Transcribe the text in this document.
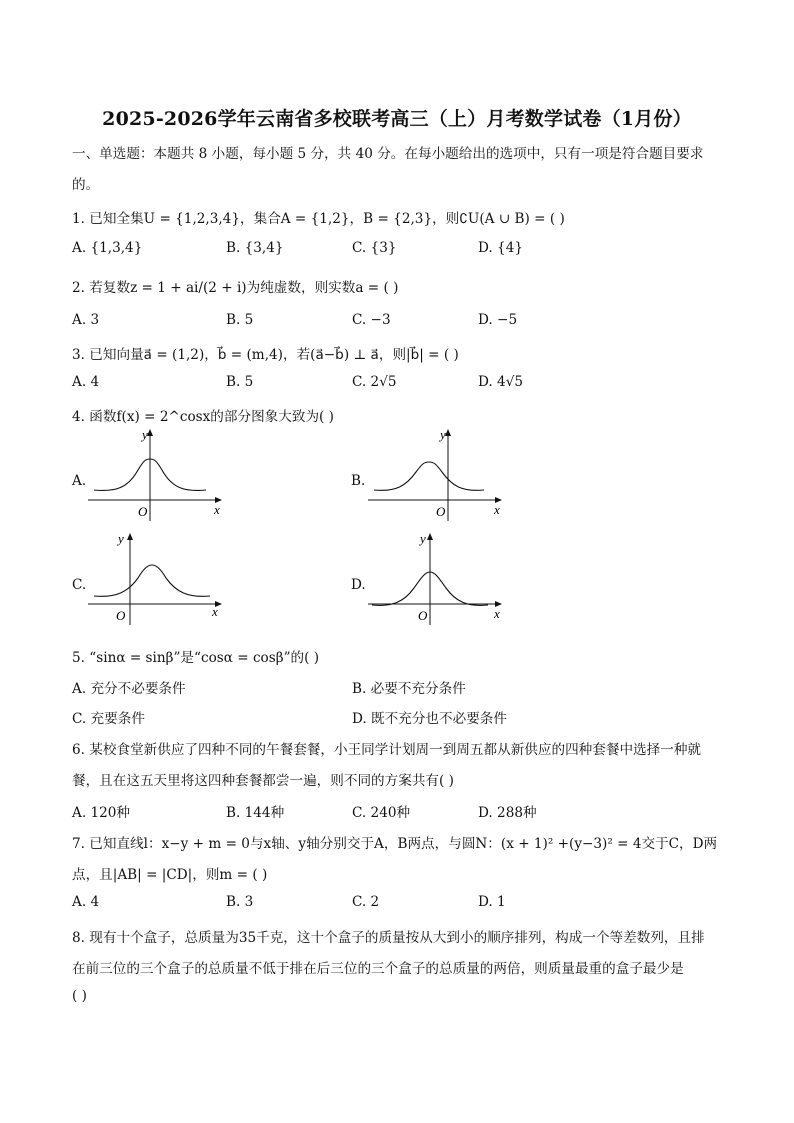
2025-2026学年云南省多校联考高三（上）月考数学试卷（1月份）
一、单选题：本题共 8 小题，每小题 5 分，共 40 分。在每小题给出的选项中，只有一项是符合题目要求的。
1. 已知全集U = {1,2,3,4}，集合A = {1,2}，B = {2,3}，则∁U(A ∪ B) = ( )
A. {1,3,4}	B. {3,4}	C. {3}	D. {4}
2. 若复数z = 1 + ai/(2 + i)为纯虚数，则实数a = ( )
A. 3	B. 5	C. −3	D. −5
3. 已知向量a⃗ = (1,2)，b⃗ = (m,4)，若(a⃗−b⃗) ⊥ a⃗，则|b⃗| = ( )
A. 4	B. 5	C. 2√5	D. 4√5
4. 函数f(x) = 2^cosx的部分图象大致为( )
A.
y
x
O
B.
y
x
O
C.
y
x
O
D.
y
x
O
5. “sinα = sinβ”是“cosα = cosβ”的( )
A. 充分不必要条件	B. 必要不充分条件
C. 充要条件	D. 既不充分也不必要条件
6. 某校食堂新供应了四种不同的午餐套餐，小王同学计划周一到周五都从新供应的四种套餐中选择一种就
餐，且在这五天里将这四种套餐都尝一遍，则不同的方案共有( )
A. 120种	B. 144种	C. 240种	D. 288种
7. 已知直线l：x−y + m = 0与x轴、y轴分别交于A，B两点，与圆N：(x + 1)² +(y−3)² = 4交于C，D两
点，且|AB| = |CD|，则m = ( )
A. 4	B. 3	C. 2	D. 1
8. 现有十个盒子，总质量为35千克，这十个盒子的质量按从大到小的顺序排列，构成一个等差数列，且排
在前三位的三个盒子的总质量不低于排在后三位的三个盒子的总质量的两倍，则质量最重的盒子最少是
( )
